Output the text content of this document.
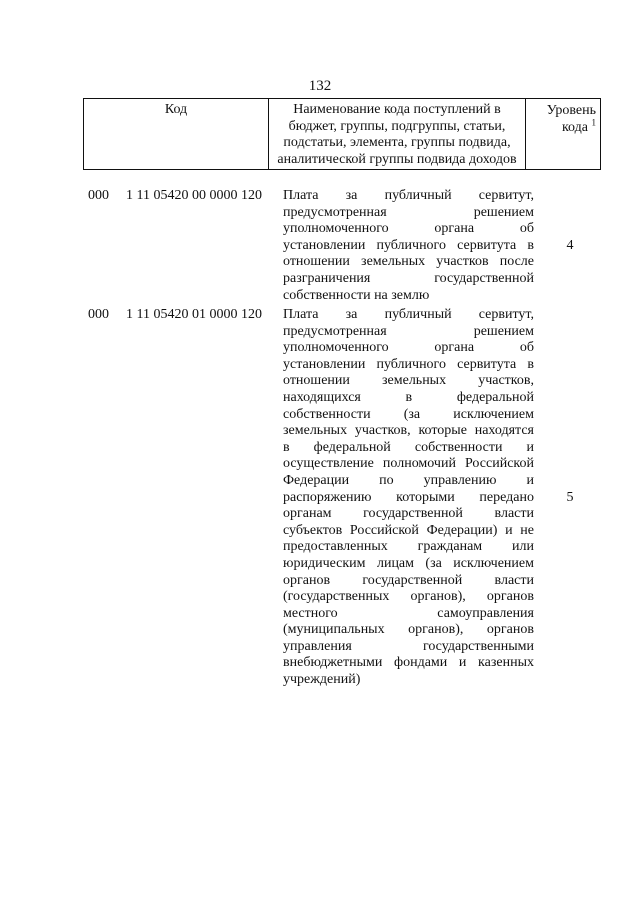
132
Код	Наименование кода поступлений в
бюджет, группы, подгруппы, статьи,
подстатьи, элемента, группы подвида,
аналитической группы подвида доходов
Уровень
кода $^1$
000 1 11 05420 00 0000 120 Плата за публичный сервитут,
предусмотренная решением
уполномоченного органа об
установлении публичного сервитута в
отношении земельных участков после
разграничения государственной
собственности на землю
4
000 1 11 05420 01 0000 120 Плата за публичный сервитут,
предусмотренная решением
уполномоченного органа об
установлении публичного сервитута в
отношении земельных участков,
находящихся в федеральной
собственности (за исключением
земельных участков, которые находятся
в федеральной собственности и
осуществление полномочий Российской
Федерации по управлению и
распоряжению которыми передано
органам государственной власти
субъектов Российской Федерации) и не
предоставленных гражданам или
юридическим лицам (за исключением
органов государственной власти
(государственных органов), органов
местного самоуправления
(муниципальных органов), органов
управления государственными
внебюджетными фондами и казенных
учреждений)
5
